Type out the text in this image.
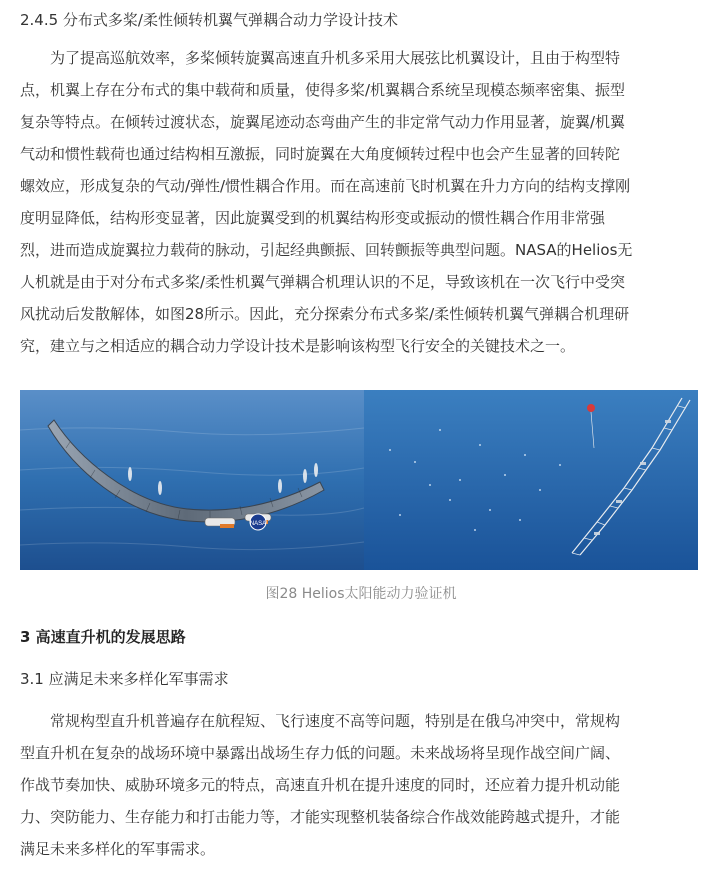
2.4.5 分布式多桨/柔性倾转机翼气弹耦合动力学设计技术
为了提高巡航效率，多桨倾转旋翼高速直升机多采用大展弦比机翼设计，且由于构型特
点，机翼上存在分布式的集中载荷和质量，使得多桨/机翼耦合系统呈现模态频率密集、振型
复杂等特点。在倾转过渡状态，旋翼尾迹动态弯曲产生的非定常气动力作用显著，旋翼/机翼
气动和惯性载荷也通过结构相互激振，同时旋翼在大角度倾转过程中也会产生显著的回转陀
螺效应，形成复杂的气动/弹性/惯性耦合作用。而在高速前飞时机翼在升力方向的结构支撑刚
度明显降低，结构形变显著，因此旋翼受到的机翼结构形变或振动的惯性耦合作用非常强
烈，进而造成旋翼拉力载荷的脉动，引起经典颤振、回转颤振等典型问题。NASA的Helios无
人机就是由于对分布式多桨/柔性机翼气弹耦合机理认识的不足，导致该机在一次飞行中受突
风扰动后发散解体，如图28所示。因此，充分探索分布式多桨/柔性倾转机翼气弹耦合机理研
究，建立与之相适应的耦合动力学设计技术是影响该构型飞行安全的关键技术之一。
NASA
图28 Helios太阳能动力验证机
3 高速直升机的发展思路
3.1 应满足未来多样化军事需求
常规构型直升机普遍存在航程短、飞行速度不高等问题，特别是在俄乌冲突中，常规构
型直升机在复杂的战场环境中暴露出战场生存力低的问题。未来战场将呈现作战空间广阔、
作战节奏加快、威胁环境多元的特点，高速直升机在提升速度的同时，还应着力提升机动能
力、突防能力、生存能力和打击能力等，才能实现整机装备综合作战效能跨越式提升，才能
满足未来多样化的军事需求。
